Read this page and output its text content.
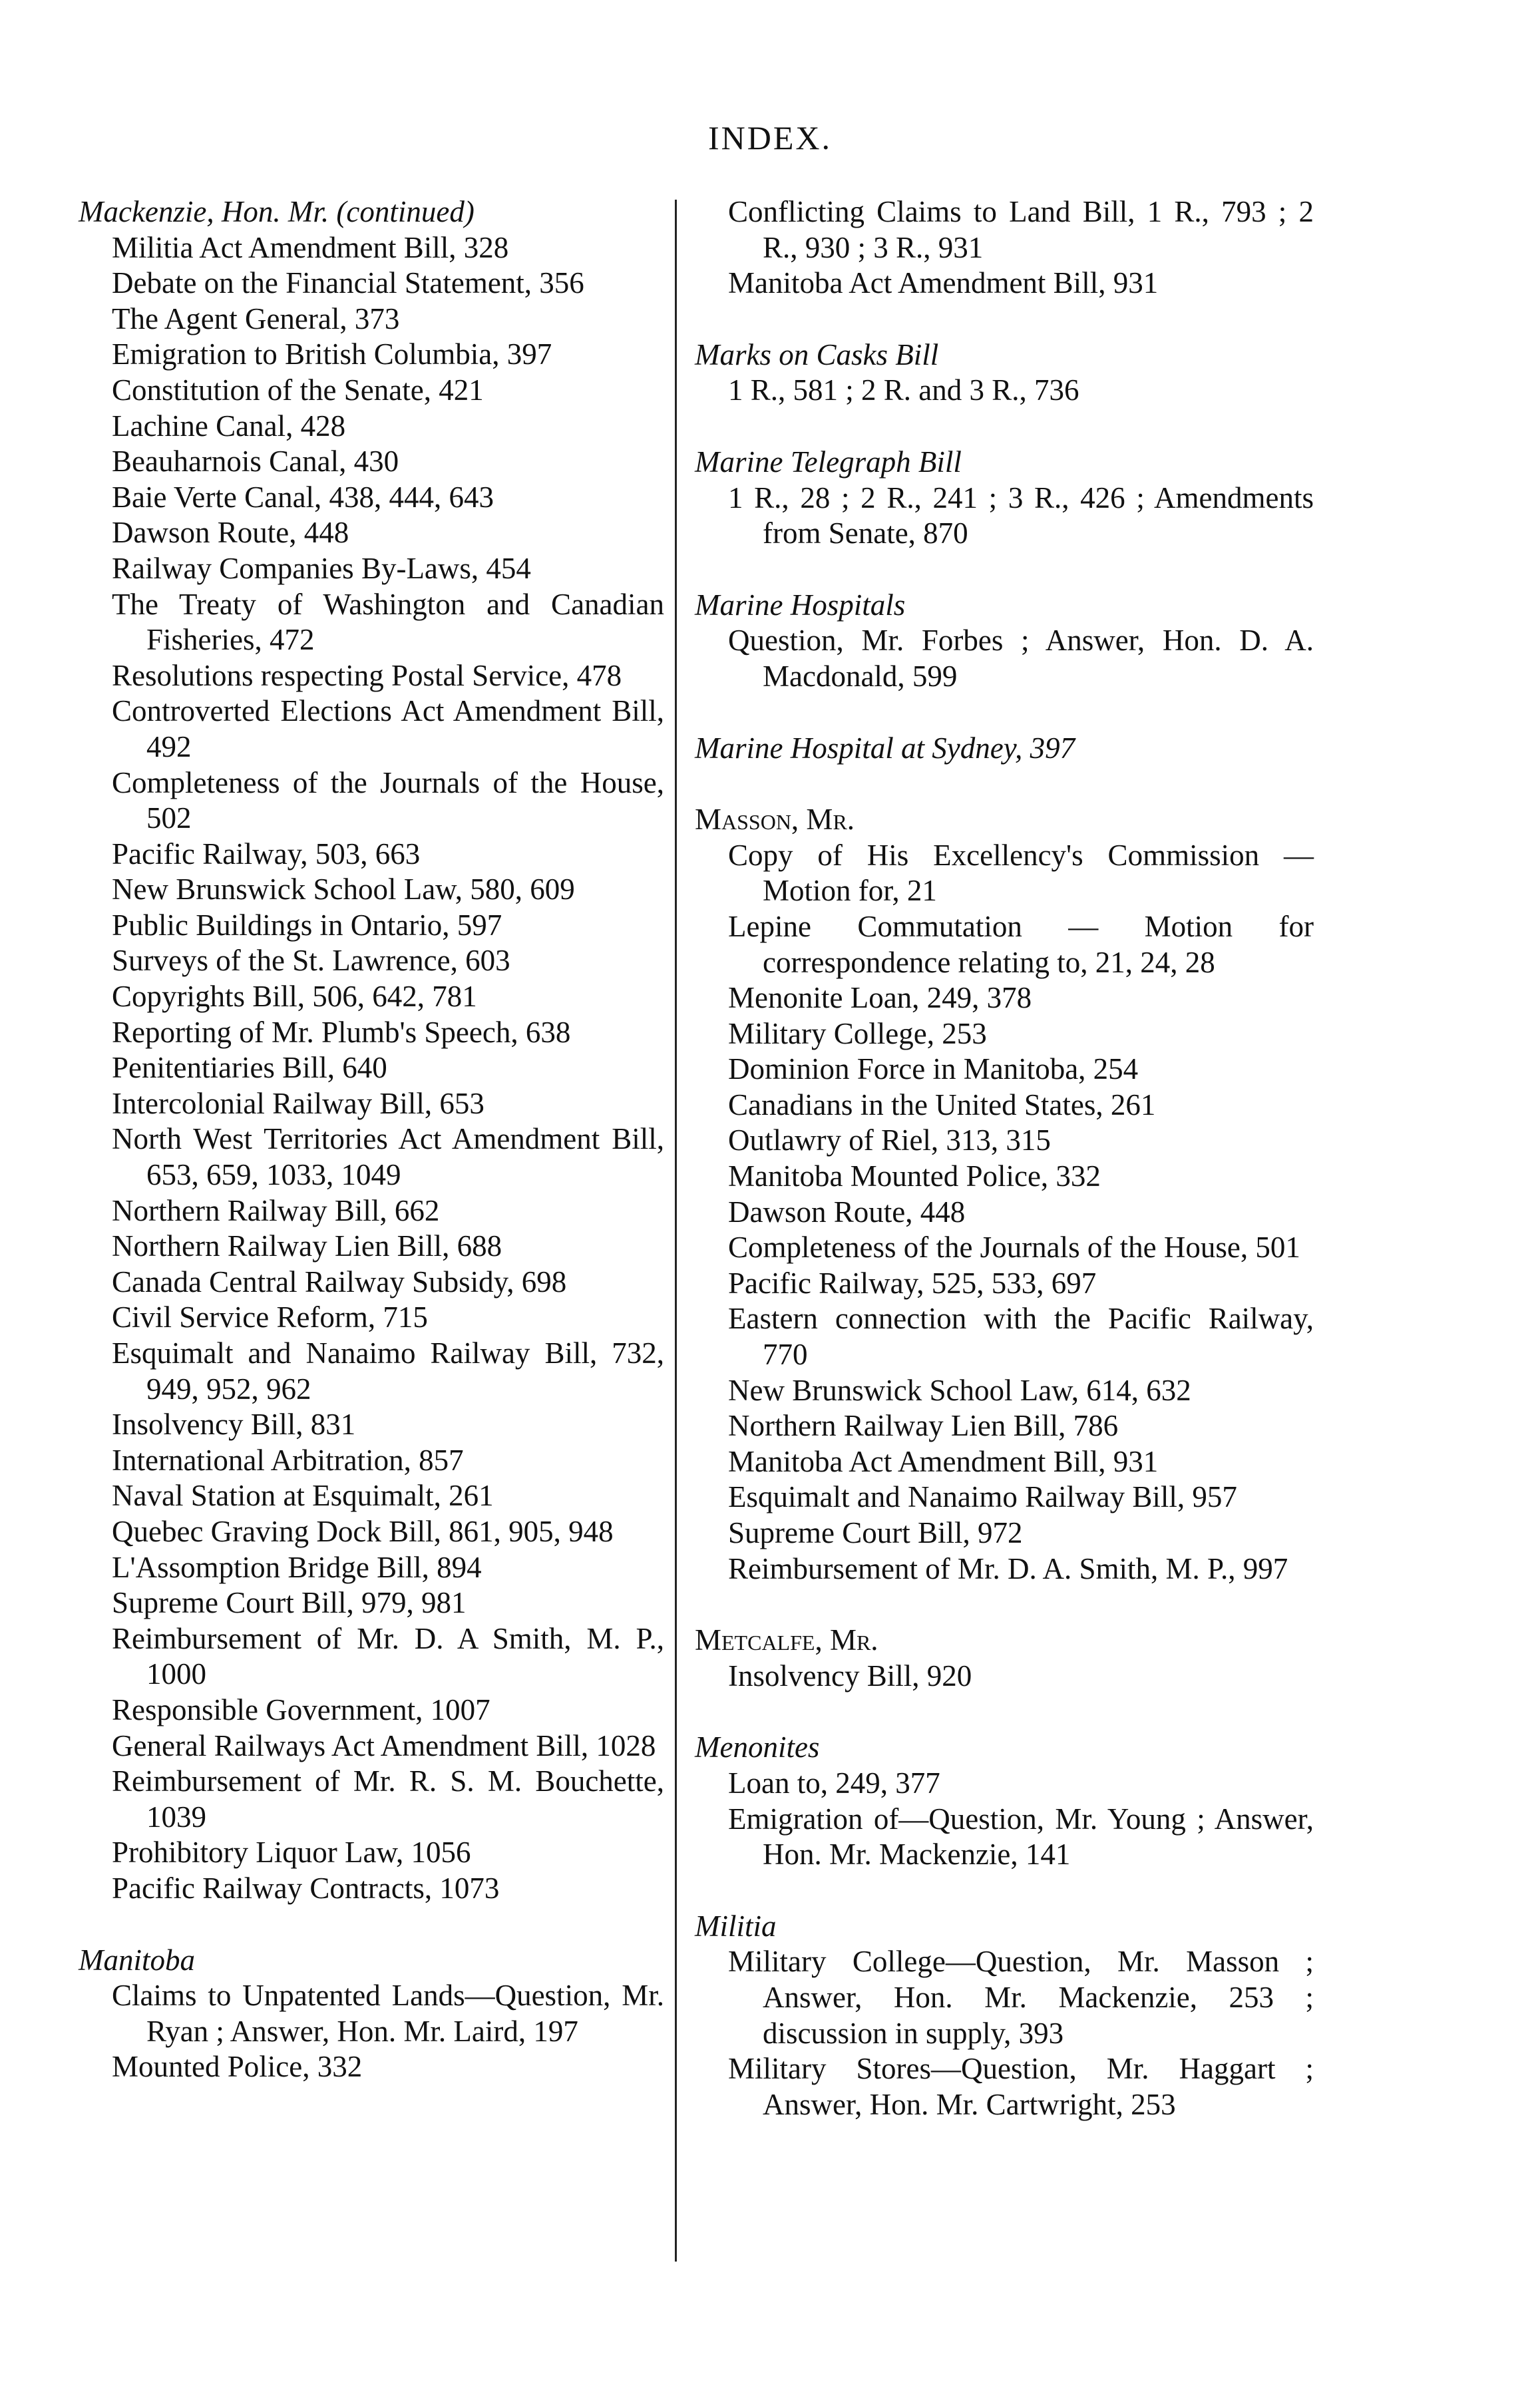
INDEX.
Mackenzie, Hon. Mr. (continued)
Militia Act Amendment Bill, 328
Debate on the Financial Statement, 356
The Agent General, 373
Emigration to British Columbia, 397
Constitution of the Senate, 421
Lachine Canal, 428
Beauharnois Canal, 430
Baie Verte Canal, 438, 444, 643
Dawson Route, 448
Railway Companies By-Laws, 454
The Treaty of Washington and Canadian Fisheries, 472
Resolutions respecting Postal Service, 478
Controverted Elections Act Amendment Bill, 492
Completeness of the Journals of the House, 502
Pacific Railway, 503, 663
New Brunswick School Law, 580, 609
Public Buildings in Ontario, 597
Surveys of the St. Lawrence, 603
Copyrights Bill, 506, 642, 781
Reporting of Mr. Plumb's Speech, 638
Penitentiaries Bill, 640
Intercolonial Railway Bill, 653
North West Territories Act Amendment Bill, 653, 659, 1033, 1049
Northern Railway Bill, 662
Northern Railway Lien Bill, 688
Canada Central Railway Subsidy, 698
Civil Service Reform, 715
Esquimalt and Nanaimo Railway Bill, 732, 949, 952, 962
Insolvency Bill, 831
International Arbitration, 857
Naval Station at Esquimalt, 261
Quebec Graving Dock Bill, 861, 905, 948
L'Assomption Bridge Bill, 894
Supreme Court Bill, 979, 981
Reimbursement of Mr. D. A Smith, M. P., 1000
Responsible Government, 1007
General Railways Act Amendment Bill, 1028
Reimbursement of Mr. R. S. M. Bouchette, 1039
Prohibitory Liquor Law, 1056
Pacific Railway Contracts, 1073
Manitoba
Claims to Unpatented Lands—Question, Mr. Ryan ; Answer, Hon. Mr. Laird, 197
Mounted Police, 332
Conflicting Claims to Land Bill, 1 R., 793 ; 2 R., 930 ; 3 R., 931
Manitoba Act Amendment Bill, 931
Marks on Casks Bill
1 R., 581 ; 2 R. and 3 R., 736
Marine Telegraph Bill
1 R., 28 ; 2 R., 241 ; 3 R., 426 ; Amendments from Senate, 870
Marine Hospitals
Question, Mr. Forbes ; Answer, Hon. D. A. Macdonald, 599
Marine Hospital at Sydney, 397
Masson, Mr.
Copy of His Excellency's Commission —Motion for, 21
Lepine Commutation — Motion for correspondence relating to, 21, 24, 28
Menonite Loan, 249, 378
Military College, 253
Dominion Force in Manitoba, 254
Canadians in the United States, 261
Outlawry of Riel, 313, 315
Manitoba Mounted Police, 332
Dawson Route, 448
Completeness of the Journals of the House, 501
Pacific Railway, 525, 533, 697
Eastern connection with the Pacific Railway, 770
New Brunswick School Law, 614, 632
Northern Railway Lien Bill, 786
Manitoba Act Amendment Bill, 931
Esquimalt and Nanaimo Railway Bill, 957
Supreme Court Bill, 972
Reimbursement of Mr. D. A. Smith, M. P., 997
Metcalfe, Mr.
Insolvency Bill, 920
Menonites
Loan to, 249, 377
Emigration of—Question, Mr. Young ; Answer, Hon. Mr. Mackenzie, 141
Militia
Military College—Question, Mr. Masson ; Answer, Hon. Mr. Mackenzie, 253 ; discussion in supply, 393
Military Stores—Question, Mr. Haggart ; Answer, Hon. Mr. Cartwright, 253
